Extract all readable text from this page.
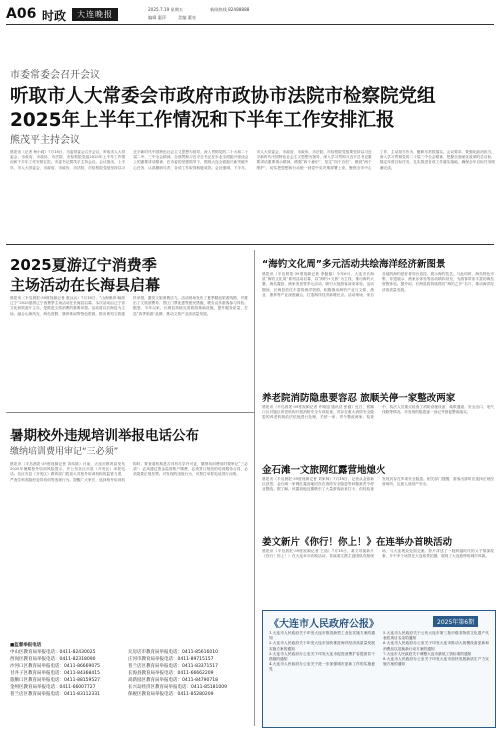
A06 时政	大连晚报
2025.7.19 星期五	新闻热线 82488888
编辑 惠萍	美编 董亮
市委常委会召开会议
听取市人大常委会市政府市政协市法院市检察院党组
2025年上半年工作情况和下半年工作安排汇报
熊茂平主持会议
晨报讯（记者 杨小莉）7月18日，市委常委会召开会议，听取市人大常委会、市政府、市政协、市法院、市检察院党组2025年上半年工作情况和下半年工作安排汇报。市委书记熊茂平主持会议。会议指出，上半年，市人大常委会、市政府、市政协、市法院、市检察院党组坚持以习近平新时代中国特色社会主义思想为指导，深入贯彻党的二十大和二十届二中、三中全会精神，全面贯彻习近平总书记在东北全面振兴座谈会上的重要讲话精神，在市委的坚强领导下，围绕大连全面振兴新突破中心任务，认真履职尽责，各项工作取得积极成效。会议强调，下半年，市人大常委会、市政府、市政协、市法院、市检察院党组要坚持以习近平新时代中国特色社会主义思想为指导，深入学习贯彻习近平总书记重要讲话重要指示精神，增强“四个意识”、坚定“四个自信”、做到“两个维护”，切实把思想和行动统一到党中央决策部署上来，聚焦全市中心工作，主动担当作为，履职尽责抓落实。会议要求，要强化政治担当，深入学习贯彻党的二十届三中全会精神，把握全面深化改革的总目标，锚定年度目标任务，扎实推进各项工作落实落地，确保全年目标任务圆满完成。
2025夏游辽宁消费季
主场活动在长海县启幕
晨报讯（半岛晨报-39度视频记者 惠兵兵）7月18日，“山海康养 畅游辽宁”2025夏游辽宁消费季主场活动在长海县启幕。本次活动由辽宁省文化和旅游厅主办，是推进文旅消费的重要举措。活动将以长海县为主场，融合山海风光、海岛度假、康养休闲等特色资源，推出系列文旅惠民举措，激发文旅消费活力。活动现场发布了夏季精品旅游线路，并推出了文旅消费券、景区门票优惠等惠民措施，吸引众多游客参与体验。据悉，今年以来，长海县持续完善旅游基础设施，提升服务质量，打造“四季旅游”品牌，推动文旅产业高质量发展。
暑期校外违规培训举报电话公布
缴纳培训费用审记“三必须”
晨报讯（半岛晨报-39度视频记者 刘凤妹）日前，大连市教育局发布2025年暑期校外培训风险提示，并公布各区市县（开发区）举报电话。各区市县（开发区）教育部门将加大对校外培训机构的监管力度，严查学科类隐形变异培训等违规行为。提醒广大家长，选择校外培训机构时，要查看机构是否具有办学许可证，缴纳培训费用时要审记“三必须”：必须通过资金监管账户缴费，必须签订规范的培训服务合同，必须索要正规发票。对发现的违规行为，可拨打举报电话进行反映。
■监督举报电话
中山区教育局举报电话：0411-82430025	瓦房店市教育局举报电话：0411-85616010
西岗区教育局举报电话：0411-82318090	庄河市教育局举报电话：0411-89715157
沙河口区教育局举报电话：0411-86669075	普兰店区教育局举报电话：0411-83371517
甘井子区教育局举报电话：0411-84368415	长海县教育局举报电话：0411-66662209
旅顺口区教育局举报电话：0411-88159527	高新园区教育局举报电话：0411-84790718
金州区教育局举报电话：0411-66007727	长兴岛经济区教育局举报电话：0411-85181009
普兰店区教育局举报电话：0411-83112331	保税区教育局举报电话：0411-85280209
“海钓文化周”多元活动共绘海洋经济新图景
晨报讯（半岛晨报-39度视频记者 李磊磊）今年6月，大连市长海县“海钓文化周”系列活动启幕，以“海钓+文旅”为主线，推出海钓大赛、海岛露营、渔家美食等多元活动，吸引大批游客前来体验。活动期间，长海县依托丰富的海洋资源，积极推动海钓产业与文旅、渔业、康养等产业深度融合，打造海洋经济新增长点。活动现场，来自各地的海钓爱好者同台竞技，展示海钓技艺。与此同时，海岛特色市集、非遗展示、渔家乐体验等活动精彩纷呈，为游客带来丰富的海岛度假体验。据介绍，长海县将持续擦亮“海钓之乡”名片，推动海洋经济高质量发展。
养老院消防隐患要容忍 旅顺关停一家整改两家
晨报讯（半岛晨报-39度视频记者 许晓旭 通讯员 张健）近日，旅顺口区对辖区养老机构开展消防安全专项检查，对存在重大消防安全隐患的养老机构依法依规进行处理，关停一家、责令整改两家。检查中，执法人员重点检查了消防设施设备、疏散通道、安全出口、电气线路等情况，对发现的隐患逐一登记并督促整改落实。
金石滩一文旅网红露营地熄火
晨报讯（半岛晨报-39度视频记者 刘家林）7月18日，记者从金普新区获悉，金石滩一家网红露营地因存在消防安全隐患等问题被责令停业整改。据了解，该露营地近期吸引了大量游客前来打卡，但经检查发现其存在多项安全隐患。相关部门提醒，游客出游时应选择正规经营场所，注意人身财产安全。
姜文新片《你行！你上！》在连举办首映活动
晨报讯（半岛晨报-39度视频记者 王迪）7月18日，姜文导演新片《你行！你上！》在大连举办首映活动，导演姜文携主创团队亮相现场，与大连观众见面交流。影片讲述了一段跨越时代的父子情深故事，片中多个场景在大连取景拍摄，展现了大连独特的城市风貌。
《大连市人民政府公报》	2025年第6期
1.大连市人民政府关于印发大连市推进新型工业化实施方案的通知
2.大连市人民政府关于印发大连市加快推进海洋经济高质量发展实施方案的通知
3.大连市人民政府办公室关于印发大连市促进消费扩容提质若干措施的通知
4.大连市人民政府办公室关于进一步加强城市更新工作的实施意见
5.大连市人民政府关于公布大连市第三批市级非物质文化遗产代表性项目名录的通知
6.大连市人民政府办公室关于印发大连市推动大规模设备更新和消费品以旧换新行动方案的通知
7.大连市人民政府关于调整大连市最低工资标准的通知
8.大连市人民政府办公室关于印发大连市加快发展新质生产力实施方案的通知
